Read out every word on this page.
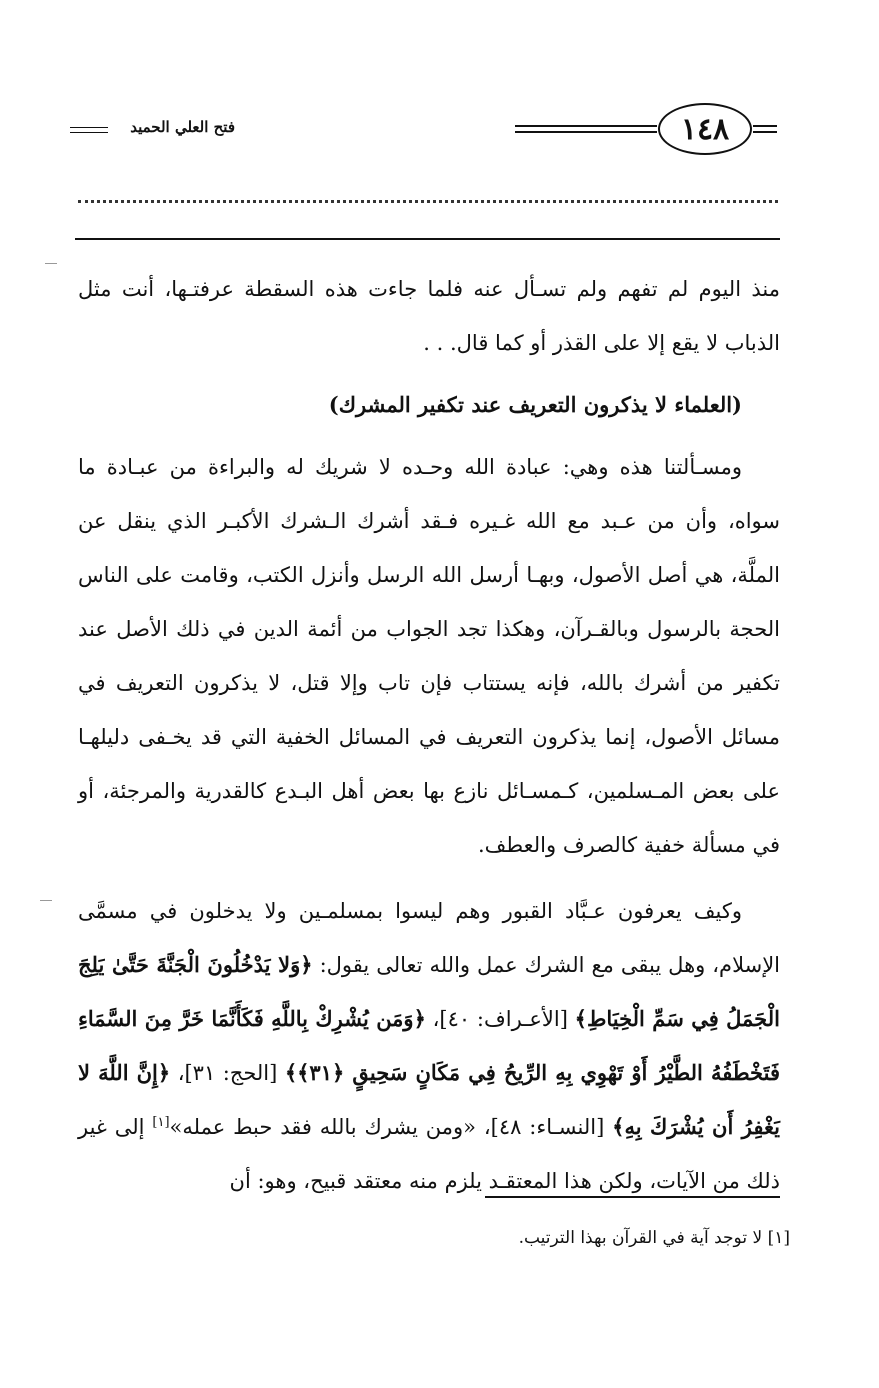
١٤٨
فتح العلي الحميد

منذ اليوم لم تفهم ولم تسـأل عنه فلما جاءت هذه السقطة عرفتـها، أنت مثل الذباب لا يقع إلا على القذر أو كما قال. . .

(العلماء لا يذكرون التعريف عند تكفير المشرك)

ومسـألتنا هذه وهي: عبادة الله وحـده لا شريك له والبراءة من عبـادة ما سواه، وأن من عـبد مع الله غـيره فـقد أشرك الـشرك الأكبـر الذي ينقل عن الملَّة، هي أصل الأصول، وبهـا أرسل الله الرسل وأنزل الكتب، وقامت على الناس الحجة بالرسول وبالقـرآن، وهكذا تجد الجواب من أئمة الدين في ذلك الأصل عند تكفير من أشرك بالله، فإنه يستتاب فإن تاب وإلا قتل، لا يذكرون التعريف في مسائل الأصول، إنما يذكرون التعريف في المسائل الخفية التي قد يخـفى دليلهـا على بعض المـسلمين، كـمسـائل نازع بها بعض أهل البـدع كالقدرية والمرجئة، أو في مسألة خفية كالصرف والعطف.

وكيف يعرفون عـبَّاد القبور وهم ليسوا بمسلمـين ولا يدخلون في مسمَّى الإسلام، وهل يبقى مع الشرك عمل والله تعالى يقول: ﴿وَلا يَدْخُلُونَ الْجَنَّةَ حَتَّىٰ يَلِجَ الْجَمَلُ فِي سَمِّ الْخِيَاطِ﴾ [الأعـراف: ٤٠]، ﴿وَمَن يُشْرِكْ بِاللَّهِ فَكَأَنَّمَا خَرَّ مِنَ السَّمَاءِ فَتَخْطَفُهُ الطَّيْرُ أَوْ تَهْوِي بِهِ الرِّيحُ فِي مَكَانٍ سَحِيقٍ ﴿٣١﴾﴾ [الحج: ٣١]، ﴿إِنَّ اللَّهَ لا يَغْفِرُ أَن يُشْرَكَ بِهِ﴾ [النسـاء: ٤٨]، «ومن يشرك بالله فقد حبط عمله»[١] إلى غير ذلك من الآيات، ولكن هذا المعتقـد يلزم منه معتقد قبيح، وهو: أن

[١] لا توجد آية في القرآن بهذا الترتيب.
